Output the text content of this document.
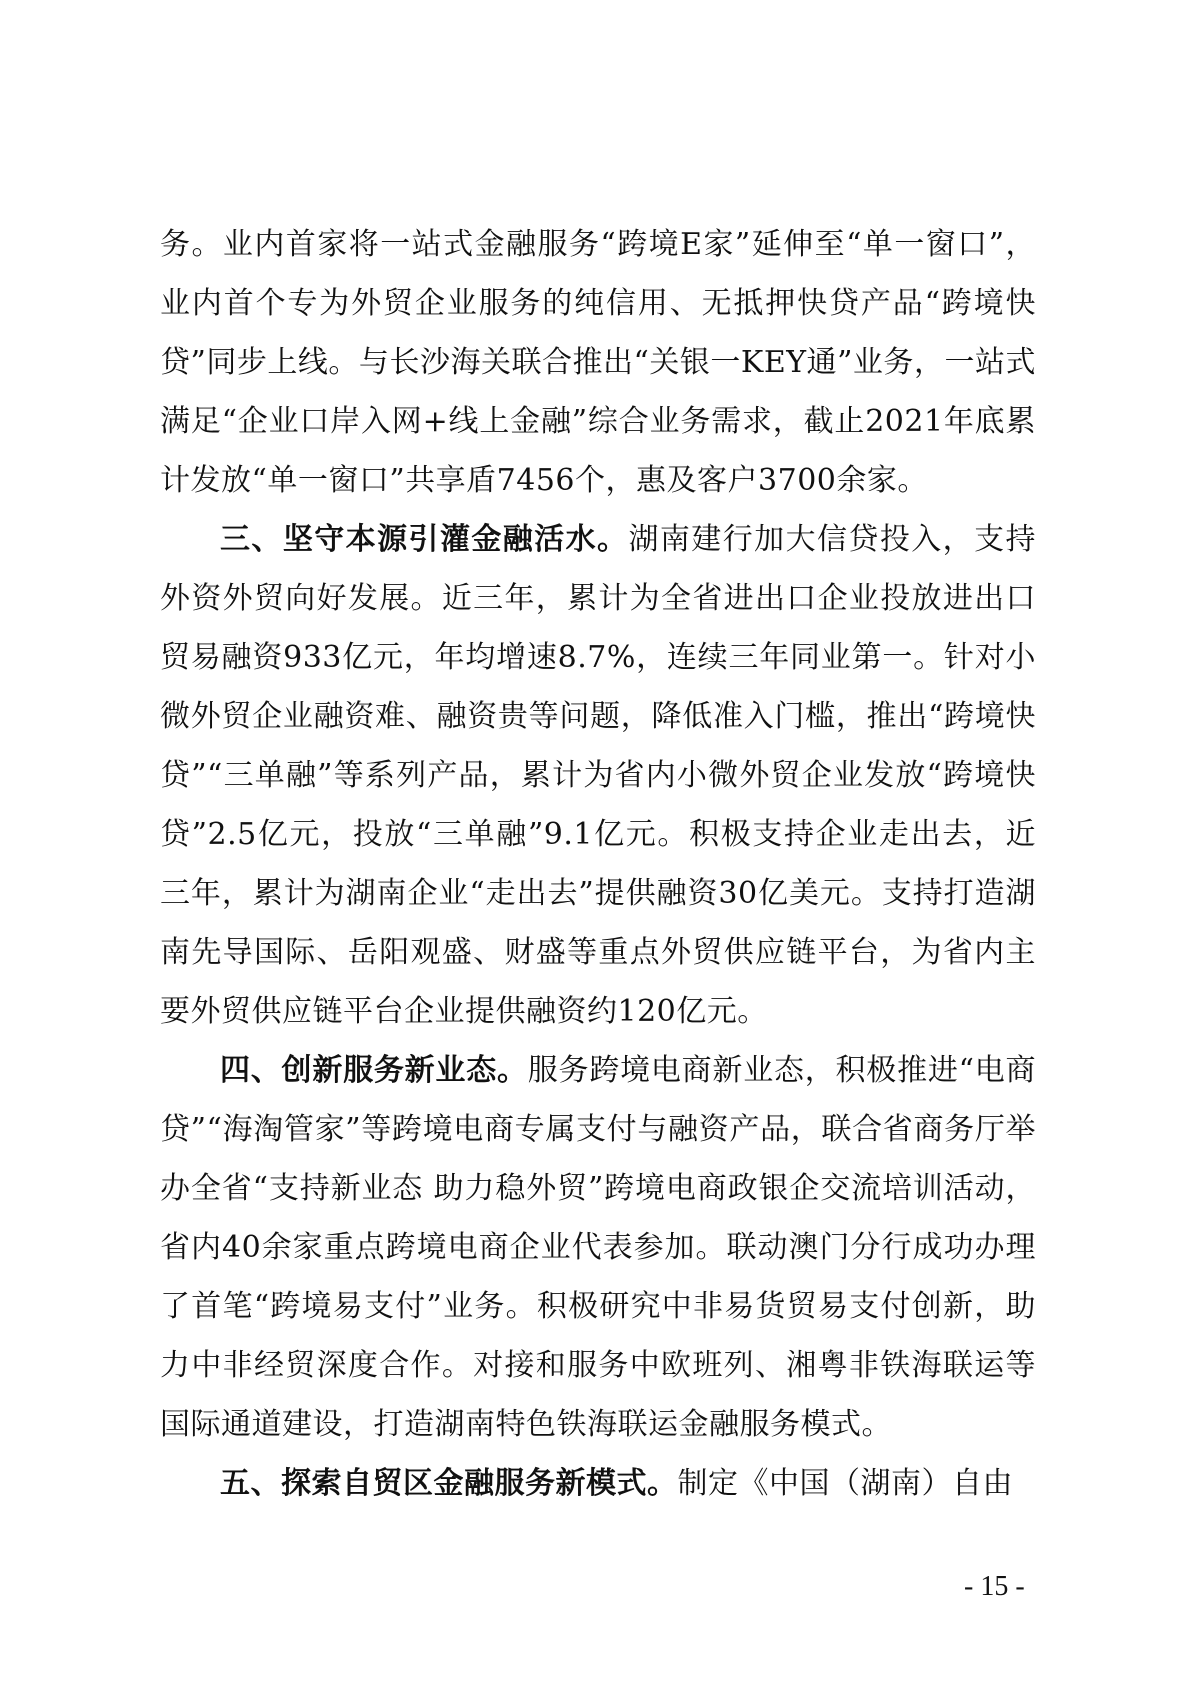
务。业内首家将一站式金融服务“跨境E家”延伸至“单一窗口”，业内首个专为外贸企业服务的纯信用、无抵押快贷产品“跨境快贷”同步上线。与长沙海关联合推出“关银一KEY通”业务，一站式满足“企业口岸入网+线上金融”综合业务需求，截止2021年底累计发放“单一窗口”共享盾7456个，惠及客户3700余家。

三、坚守本源引灌金融活水。湖南建行加大信贷投入，支持外资外贸向好发展。近三年，累计为全省进出口企业投放进出口贸易融资933亿元，年均增速8.7%，连续三年同业第一。针对小微外贸企业融资难、融资贵等问题，降低准入门槛，推出“跨境快贷”“三单融”等系列产品，累计为省内小微外贸企业发放“跨境快贷”2.5亿元，投放“三单融”9.1亿元。积极支持企业走出去，近三年，累计为湖南企业“走出去”提供融资30亿美元。支持打造湖南先导国际、岳阳观盛、财盛等重点外贸供应链平台，为省内主要外贸供应链平台企业提供融资约120亿元。

四、创新服务新业态。服务跨境电商新业态，积极推进“电商贷”“海淘管家”等跨境电商专属支付与融资产品，联合省商务厅举办全省“支持新业态 助力稳外贸”跨境电商政银企交流培训活动，省内40余家重点跨境电商企业代表参加。联动澳门分行成功办理了首笔“跨境易支付”业务。积极研究中非易货贸易支付创新，助力中非经贸深度合作。对接和服务中欧班列、湘粤非铁海联运等国际通道建设，打造湖南特色铁海联运金融服务模式。

五、探索自贸区金融服务新模式。制定《中国（湖南）自由

- 15 -
